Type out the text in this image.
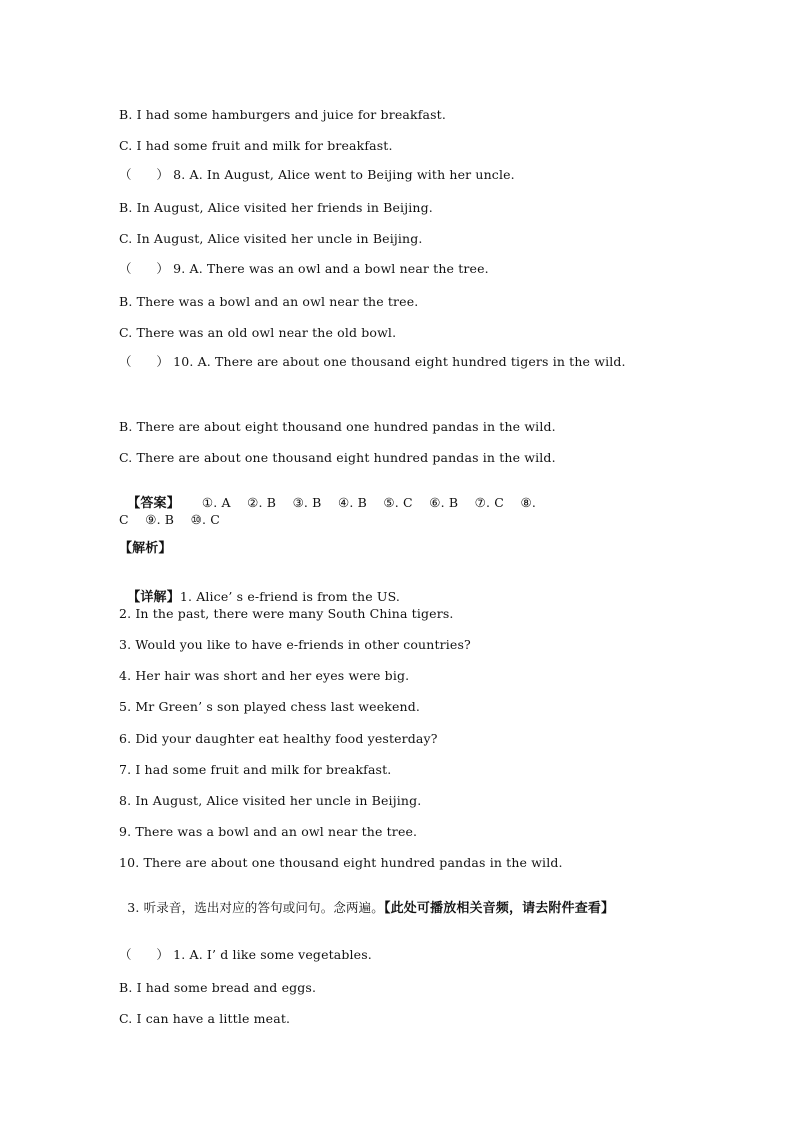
B. I had some hamburgers and juice for breakfast.
C. I had some fruit and milk for breakfast.
（      ） 8. A. In August, Alice went to Beijing with her uncle.
B. In August, Alice visited her friends in Beijing.
C. In August, Alice visited her uncle in Beijing.
（      ） 9. A. There was an owl and a bowl near the tree.
B. There was a bowl and an owl near the tree.
C. There was an old owl near the old bowl.
（      ） 10. A. There are about one thousand eight hundred tigers in the wild.
B. There are about eight thousand one hundred pandas in the wild.
C. There are about one thousand eight hundred pandas in the wild.

【答案】 ①. A    ②. B    ③. B    ④. B    ⑤. C    ⑥. B    ⑦. C    ⑧.

C    ⑨. B    ⑩. C
【解析】

【详解】1. Alice’ s e-friend is from the US.

2. In the past, there were many South China tigers.
3. Would you like to have e-friends in other countries?
4. Her hair was short and her eyes were big.
5. Mr Green’ s son played chess last weekend.
6. Did your daughter eat healthy food yesterday?
7. I had some fruit and milk for breakfast.
8. In August, Alice visited her uncle in Beijing.
9. There was a bowl and an owl near the tree.
10. There are about one thousand eight hundred pandas in the wild.

3. 听录音，选出对应的答句或问句。念两遍。【此处可播放相关音频，请去附件查看】

（      ） 1. A. I’ d like some vegetables.
B. I had some bread and eggs.
C. I can have a little meat.
